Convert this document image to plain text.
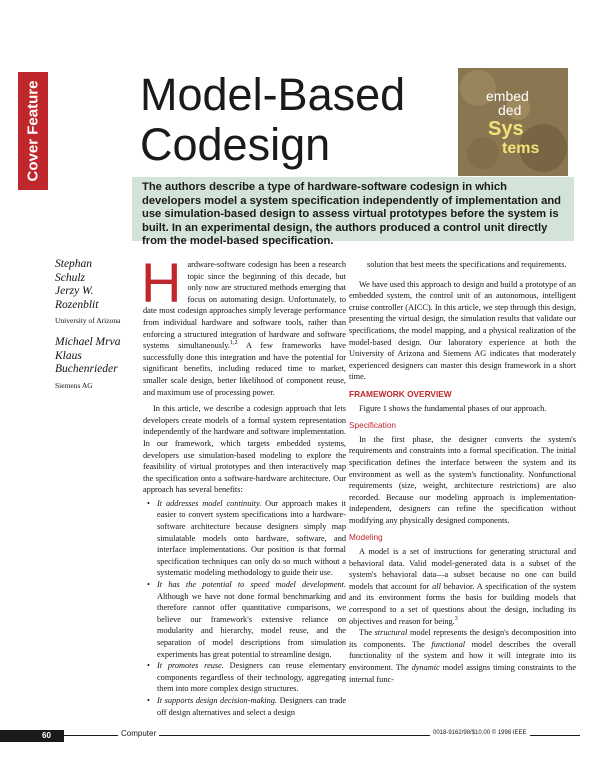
Cover Feature Model-Based
Codesign
embed
ded
Sys
tems
The authors describe a type of hardware-software codesign in which developers model a system specification independently of implementation and use simulation-based design to assess virtual prototypes before the system is built. In an experimental design, the authors produced a control unit directly from the model-based specification.
Stephan
Schulz
Jerzy W.
Rozenblit
University of Arizona
Michael Mrva
Klaus
Buchenrieder
Siemens AG

Hardware-software codesign has been a research topic since the beginning of this decade, but only now are structured methods emerging that focus on automating design. Unfortunately, to date most codesign approaches simply leverage performance from individual hardware and software tools, rather than enforcing a structured integration of hardware and software systems simultaneously.$^{1,2}$ A few frameworks have successfully done this integration and have the potential for significant benefits, including reduced time to market, smaller scale design, better likelihood of component reuse, and maximum use of processing power.

In this article, we describe a codesign approach that lets developers create models of a formal system representation independently of the hardware and software implementation. In our framework, which targets embedded systems, developers use simulation-based modeling to explore the feasibility of virtual prototypes and then interactively map the specification onto a software-hardware architecture. Our approach has several benefits:

• It addresses model continuity. Our approach makes it easier to convert system specifications into a hardware-software architecture because designers simply map simulatable models onto hardware, software, and interface implementations. Our position is that formal specification techniques can only do so much without a systematic modeling methodology to guide their use.
• It has the potential to speed model development. Although we have not done formal benchmarking and therefore cannot offer quantitative comparisons, we believe our framework's extensive reliance on modularity and hierarchy, model reuse, and the separation of model descriptions from simulation experiments has great potential to streamline design.
• It promotes reuse. Designers can reuse elementary components regardless of their technology, aggregating them into more complex design structures.
• It supports design decision-making. Designers can trade off design alternatives and select a design

solution that best meets the specifications and requirements.

We have used this approach to design and build a prototype of an embedded system, the control unit of an autonomous, intelligent cruise controller (AICC). In this article, we step through this design, presenting the virtual design, the simulation results that validate our specifications, the model mapping, and a physical realization of the model-based design. Our laboratory experience at both the University of Arizona and Siemens AG indicates that moderately experienced designers can master this design framework in a short time.

FRAMEWORK OVERVIEW

Figure 1 shows the fundamental phases of our approach.

Specification

In the first phase, the designer converts the system's requirements and constraints into a formal specification. The initial specification defines the interface between the system and its environment as well as the system's functionality. Nonfunctional requirements (size, weight, architecture restrictions) are also recorded. Because our modeling approach is implementation-independent, designers can refine the specification without modifying any physically designed components.

Modeling

A model is a set of instructions for generating structural and behavioral data. Valid model-generated data is a subset of the system's behavioral data—a subset because no one can build models that account for all behavior. A specification of the system and its environment forms the basis for building models that correspond to a set of questions about the design, including its objectives and reason for being.$^3$

The structural model represents the design's decomposition into its components. The functional model describes the overall functionality of the system and how it will integrate into its environment. The dynamic model assigns timing constraints to the internal func-

60	Computer	0018-9162/98/$10.00 © 1998 IEEE
